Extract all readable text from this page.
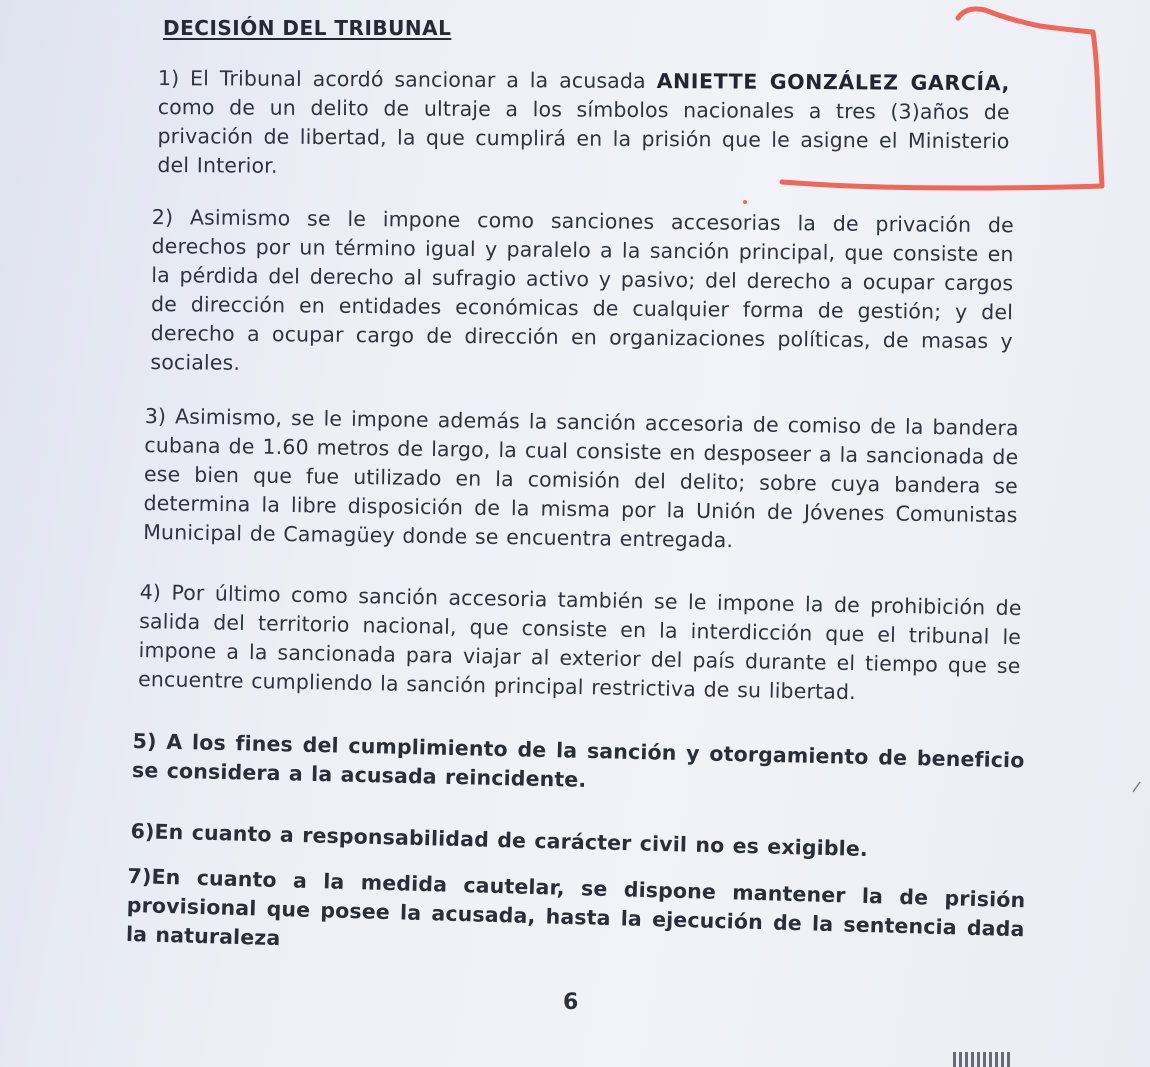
DECISIÓN DEL TRIBUNAL
1) El Tribunal acordó sancionar a la acusada ANIETTE GONZÁLEZ GARCÍA, como de un delito de ultraje a los símbolos nacionales a tres (3)años de privación de libertad, la que cumplirá en la prisión que le asigne el Ministerio del Interior.
2) Asimismo se le impone como sanciones accesorias la de privación de derechos por un término igual y paralelo a la sanción principal, que consiste en la pérdida del derecho al sufragio activo y pasivo; del derecho a ocupar cargos de dirección en entidades económicas de cualquier forma de gestión; y del derecho a ocupar cargo de dirección en organizaciones políticas, de masas y sociales.
3) Asimismo, se le impone además la sanción accesoria de comiso de la bandera cubana de 1.60 metros de largo, la cual consiste en desposeer a la sancionada de ese bien que fue utilizado en la comisión del delito; sobre cuya bandera se determina la libre disposición de la misma por la Unión de Jóvenes Comunistas Municipal de Camagüey donde se encuentra entregada.
4) Por último como sanción accesoria también se le impone la de prohibición de salida del territorio nacional, que consiste en la interdicción que el tribunal le impone a la sancionada para viajar al exterior del país durante el tiempo que se encuentre cumpliendo la sanción principal restrictiva de su libertad.
5) A los fines del cumplimiento de la sanción y otorgamiento de beneficio se considera a la acusada reincidente.
6)En cuanto a responsabilidad de carácter civil no es exigible.
7)En cuanto a la medida cautelar, se dispone mantener la de prisión provisional que posee la acusada, hasta la ejecución de la sentencia dada la naturaleza
6
